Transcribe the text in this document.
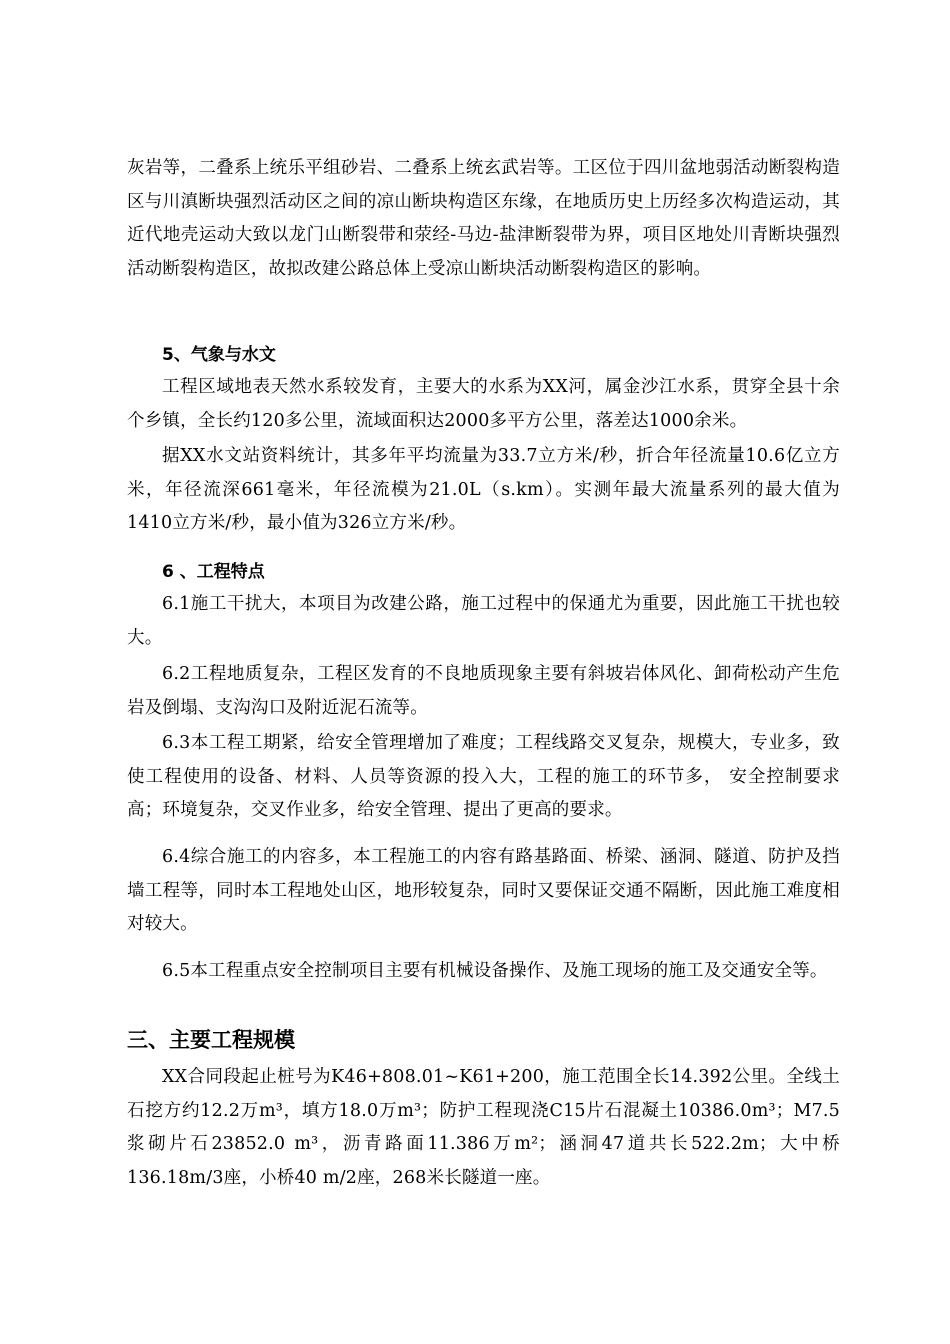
灰岩等，二叠系上统乐平组砂岩、二叠系上统玄武岩等。工区位于四川盆地弱活动断裂构造区与川滇断块强烈活动区之间的凉山断块构造区东缘，在地质历史上历经多次构造运动，其近代地壳运动大致以龙门山断裂带和荥经-马边-盐津断裂带为界，项目区地处川青断块强烈活动断裂构造区，故拟改建公路总体上受凉山断块活动断裂构造区的影响。

5、气象与水文

工程区域地表天然水系较发育，主要大的水系为XX河，属金沙江水系，贯穿全县十余个乡镇，全长约120多公里，流域面积达2000多平方公里，落差达1000余米。

据XX水文站资料统计，其多年平均流量为33.7立方米/秒，折合年径流量10.6亿立方米，年径流深661毫米，年径流模为21.0L（s.km）。实测年最大流量系列的最大值为1410立方米/秒，最小值为326立方米/秒。

6 、工程特点

6.1施工干扰大，本项目为改建公路，施工过程中的保通尤为重要，因此施工干扰也较大。

6.2工程地质复杂，工程区发育的不良地质现象主要有斜坡岩体风化、卸荷松动产生危岩及倒塌、支沟沟口及附近泥石流等。

6.3本工程工期紧，给安全管理增加了难度；工程线路交叉复杂，规模大，专业多，致使工程使用的设备、材料、人员等资源的投入大，工程的施工的环节多， 安全控制要求高；环境复杂，交叉作业多，给安全管理、提出了更高的要求。

6.4综合施工的内容多，本工程施工的内容有路基路面、桥梁、涵洞、隧道、防护及挡墙工程等，同时本工程地处山区，地形较复杂，同时又要保证交通不隔断，因此施工难度相对较大。

6.5本工程重点安全控制项目主要有机械设备操作、及施工现场的施工及交通安全等。

三、主要工程规模

XX合同段起止桩号为K46+808.01~K61+200，施工范围全长14.392公里。全线土石挖方约12.2万m³，填方18.0万m³；防护工程现浇C15片石混凝土10386.0m³；M7.5浆砌片石23852.0 m³，沥青路面11.386万m²；涵洞47道共长522.2m；大中桥136.18m/3座，小桥40 m/2座，268米长隧道一座。
